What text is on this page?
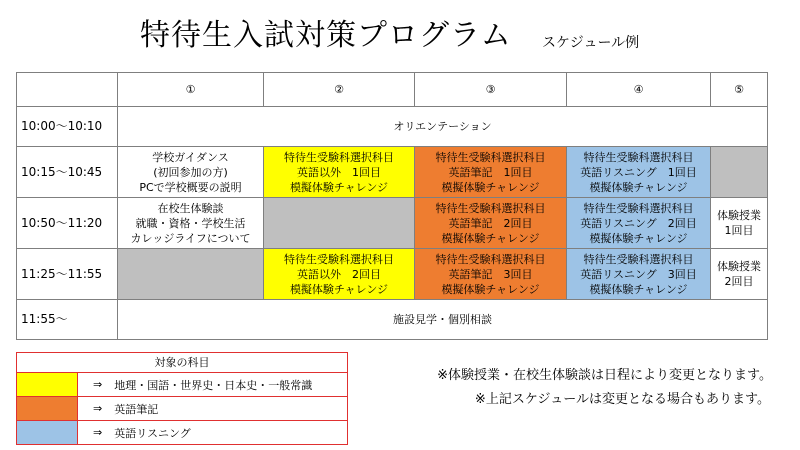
特待生入試対策プログラム スケジュール例
	①	②	③	④	⑤
10:00～10:10	オリエンテーション				
10:15～10:45	学校ガイダンス
(初回参加の方)
PCで学校概要の説明	特待生受験科選択科目
英語以外　1回目
模擬体験チャレンジ	特待生受験科選択科目
英語筆記　1回目
模擬体験チャレンジ	特待生受験科選択科目
英語リスニング　1回目
模擬体験チャレンジ	

10:50～11:20	在校生体験談
就職・資格・学校生活
カレッジライフについて		特待生受験科選択科目
英語筆記　2回目
模擬体験チャレンジ	特待生受験科選択科目
英語リスニング　2回目
模擬体験チャレンジ	体験授業
1回目

11:25～11:55		特待生受験科選択科目
英語以外　2回目
模擬体験チャレンジ	特待生受験科選択科目
英語筆記　3回目
模擬体験チャレンジ	特待生受験科選択科目
英語リスニング　3回目
模擬体験チャレンジ	体験授業
2回目

11:55～	施設見学・個別相談				
対象の科目
⇒ 地理・国語・世界史・日本史・一般常識
⇒ 英語筆記
⇒ 英語リスニング
※体験授業・在校生体験談は日程により変更となります。
※上記スケジュールは変更となる場合もあります。
